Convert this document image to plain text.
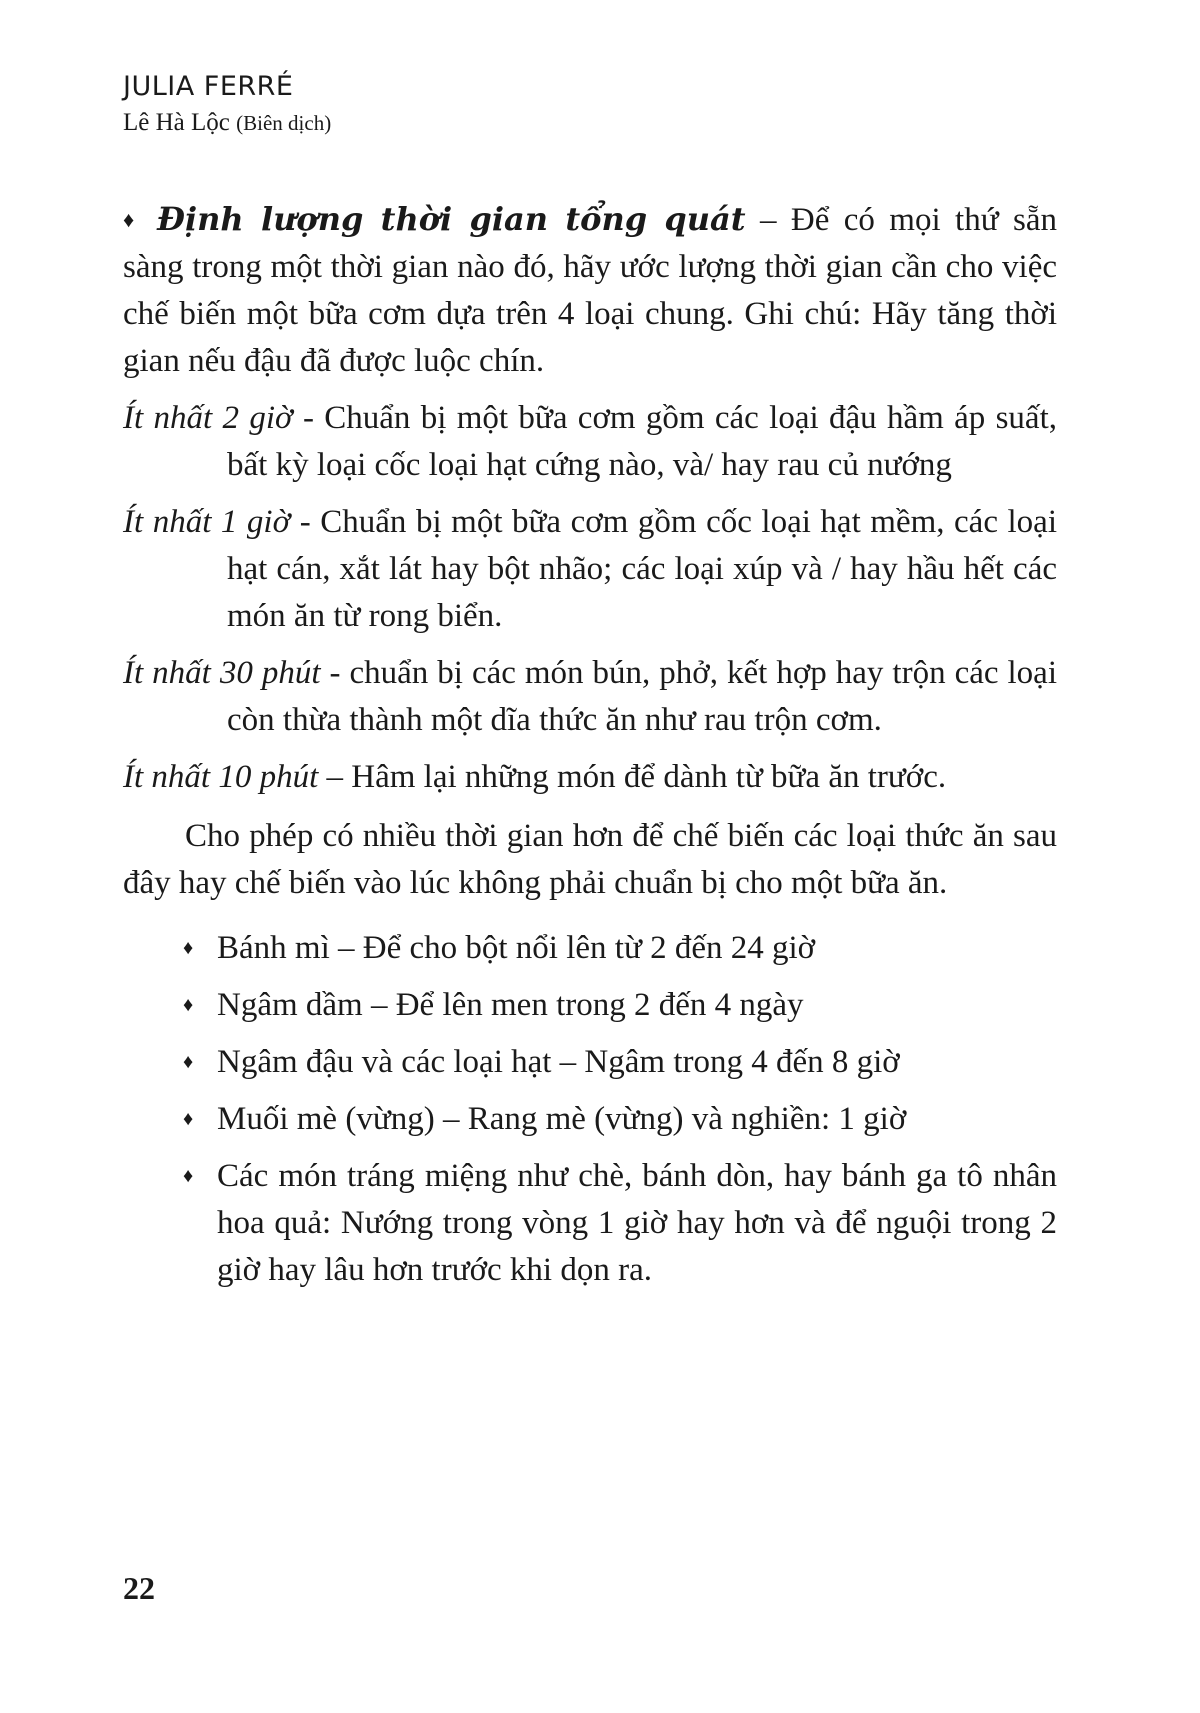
JULIA FERRÉ
Lê Hà Lộc (Biên dịch)

♦ Định lượng thời gian tổng quát – Để có mọi thứ sẵn sàng trong một thời gian nào đó, hãy ước lượng thời gian cần cho việc chế biến một bữa cơm dựa trên 4 loại chung. Ghi chú: Hãy tăng thời gian nếu đậu đã được luộc chín.

Ít nhất 2 giờ - Chuẩn bị một bữa cơm gồm các loại đậu hầm áp suất, bất kỳ loại cốc loại hạt cứng nào, và/ hay rau củ nướng

Ít nhất 1 giờ - Chuẩn bị một bữa cơm gồm cốc loại hạt mềm, các loại hạt cán, xắt lát hay bột nhão; các loại xúp và / hay hầu hết các món ăn từ rong biển.

Ít nhất 30 phút - chuẩn bị các món bún, phở, kết hợp hay trộn các loại còn thừa thành một dĩa thức ăn như rau trộn cơm.

Ít nhất 10 phút – Hâm lại những món để dành từ bữa ăn trước.

Cho phép có nhiều thời gian hơn để chế biến các loại thức ăn sau đây hay chế biến vào lúc không phải chuẩn bị cho một bữa ăn.

♦ Bánh mì – Để cho bột nổi lên từ 2 đến 24 giờ
♦ Ngâm dầm – Để lên men trong 2 đến 4 ngày
♦ Ngâm đậu và các loại hạt – Ngâm trong 4 đến 8 giờ
♦ Muối mè (vừng) – Rang mè (vừng) và nghiền: 1 giờ
♦ Các món tráng miệng như chè, bánh dòn, hay bánh ga tô nhân hoa quả: Nướng trong vòng 1 giờ hay hơn và để nguội trong 2 giờ hay lâu hơn trước khi dọn ra.
22
